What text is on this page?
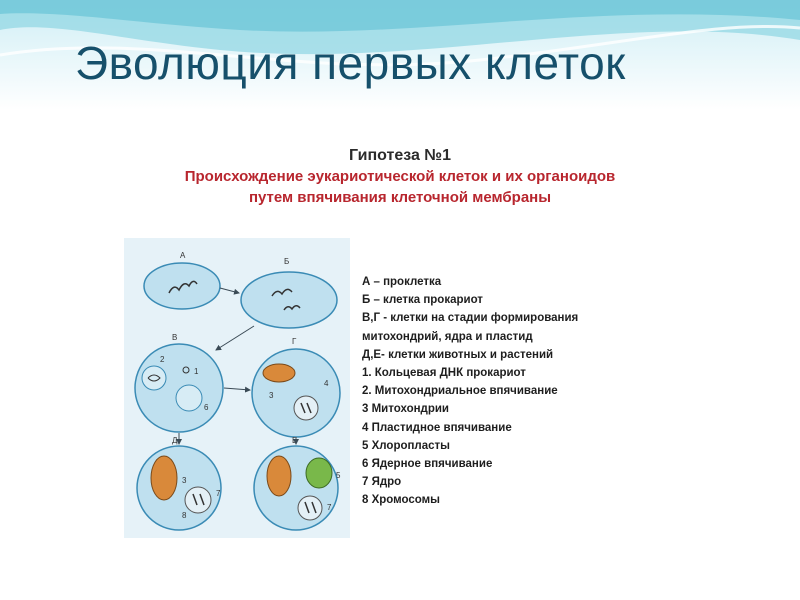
Эволюция первых клеток
Гипотеза №1
Происхождение эукариотической клеток и их органоидов
путем впячивания клеточной мембраны
А
Б
В
2
1
6
Г
3
4
Д
3
7
8
Е
5
7
А – проклетка
Б – клетка прокариот
В,Г - клетки на стадии формирования
митохондрий, ядра и пластид
Д,Е- клетки животных и растений
1. Кольцевая ДНК прокариот
2. Митохондриальное впячивание
3 Митохондрии
4 Пластидное впячивание
5 Хлоропласты
6 Ядерное впячивание
7 Ядро
8 Хромосомы
